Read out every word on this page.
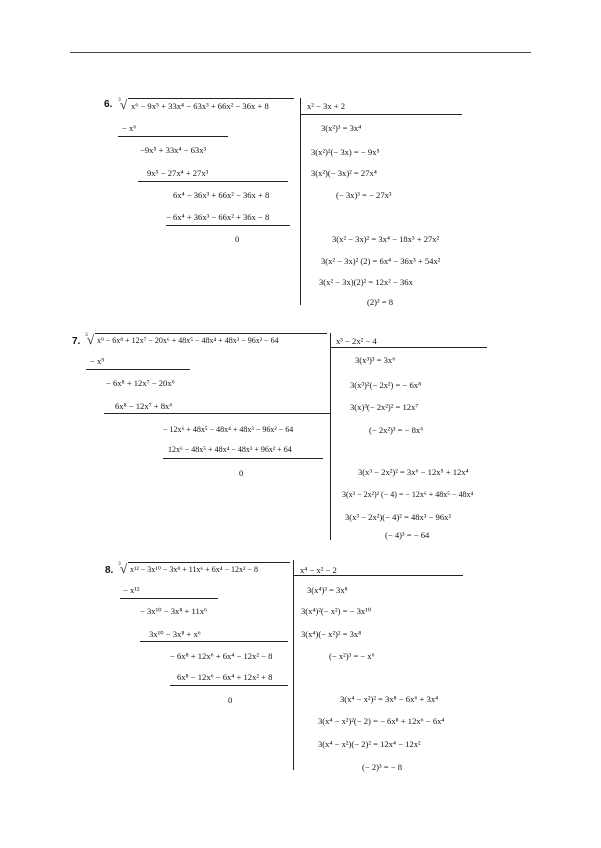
6. 3 √ x⁶ − 9x⁵ + 33x⁴ − 63x³ + 66x² − 36x + 8	x² − 3x + 2
− x⁶
−9x⁵ + 33x⁴ − 63x³
9x⁵ − 27x⁴ + 27x³
6x⁴ − 36x³ + 66x² − 36x + 8
− 6x⁴ + 36x³ − 66x² + 36x − 8
0
3(x²)³ = 3x⁴
3(x²)²(− 3x) = − 9x⁵
3(x²)(− 3x)² = 27x⁴
(− 3x)³ = − 27x³
3(x² − 3x)² = 3x⁴ − 18x³ + 27x²
3(x² − 3x)² (2) = 6x⁴ − 36x³ + 54x²
3(x² − 3x)(2)² = 12x² − 36x
(2)³ = 8
7.
3 √ x⁹ − 6x⁸ + 12x⁷ − 20x⁶ + 48x⁵ − 48x⁴ + 48x³ − 96x² − 64	x³ − 2x² − 4
− x⁹
− 6x⁸ + 12x⁷ − 20x⁶
6x⁸ − 12x⁷ + 8x⁶
− 12x⁶ + 48x⁵ − 48x⁴ + 48x³ − 96x² − 64
12x⁶ − 48x⁵ + 48x⁴ − 48x³ + 96x² + 64
0
3(x³)³ = 3x⁶
3(x³)²(− 2x²) = − 6x⁸
3(x)³(− 2x²)² = 12x⁷
(− 2x²)³ = − 8x⁶
3(x³ − 2x²)² = 3x⁶ − 12x⁵ + 12x⁴
3(x³ − 2x²)² (− 4) = − 12x⁶ + 48x⁵ − 48x⁴
3(x³ − 2x²)(− 4)² = 48x³ − 96x²
(− 4)³ = − 64
8.
3 √ x¹² − 3x¹⁰ − 3x⁸ + 11x⁶ + 6x⁴ − 12x² − 8	x⁴ − x² − 2
− x¹²
− 3x¹⁰ − 3x⁸ + 11x⁶
3x¹⁰ − 3x⁸ + x⁶
− 6x⁸ + 12x⁶ + 6x⁴ − 12x² − 8
6x⁸ − 12x⁶ − 6x⁴ + 12x² + 8
0
3(x⁴)³ = 3x⁸
3(x⁴)²(− x²) = − 3x¹⁰
3(x⁴)(− x²)² = 3x⁸
(− x²)³ = − x⁶
3(x⁴ − x²)² = 3x⁸ − 6x⁶ + 3x⁴
3(x⁴ − x²)²(− 2) = − 6x⁸ + 12x⁶ − 6x⁴
3(x⁴ − x²)(− 2)² = 12x⁴ − 12x²
(− 2)³ = − 8
